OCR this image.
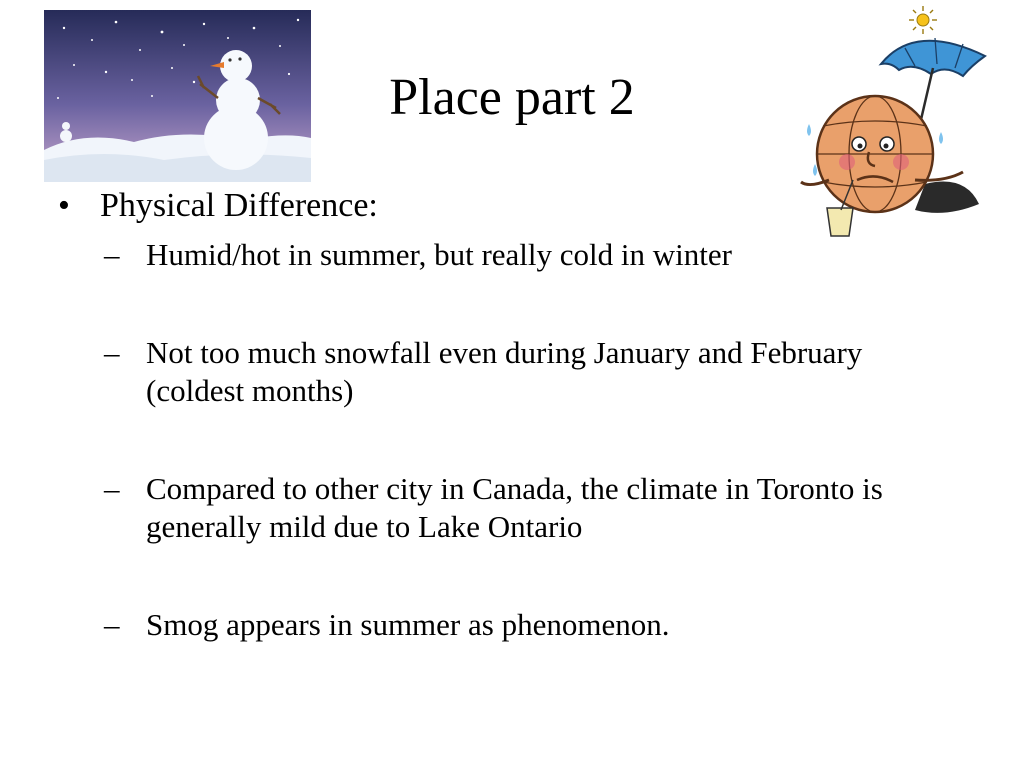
Place part 2
• Physical Difference:
– Humid/hot in summer, but really cold in winter
– Not too much snowfall even during January and February (coldest months)
– Compared to other city in Canada, the climate in Toronto is generally mild due to Lake Ontario
– Smog appears in summer as phenomenon.
